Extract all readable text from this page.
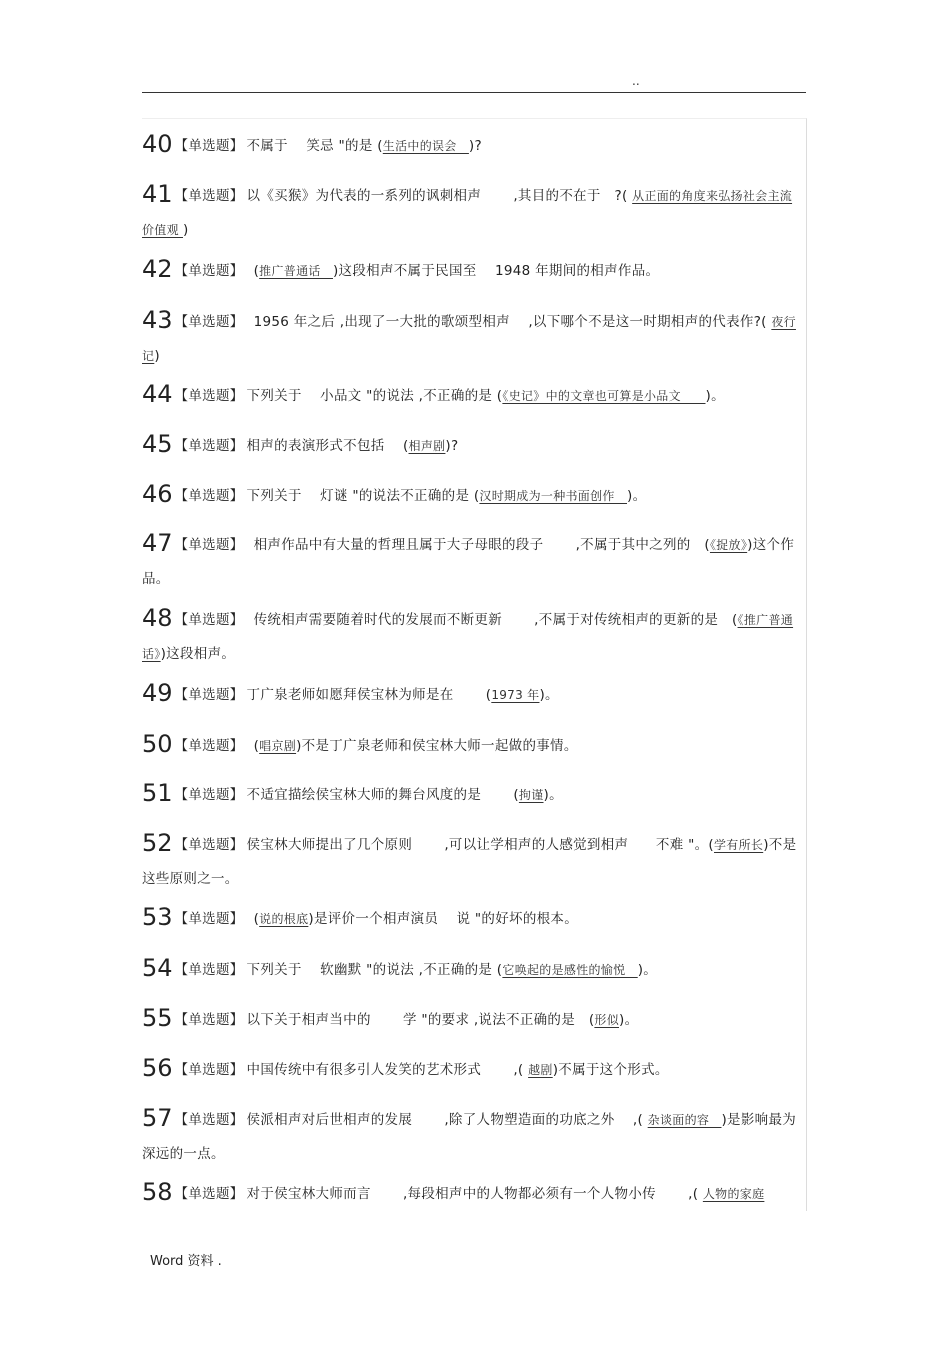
..
40 【单选题】 不属于　 笑忌 "的是 (生活中的误会　)?
41 【单选题】 以《买猴》为代表的一系列的讽刺相声　　 ,其目的不在于　?( 从正面的角度来弘扬社会主流价值观 )
42 【单选题】　(推广普通话　)这段相声不属于民国至　 1948 年期间的相声作品。
43 【单选题】　1956 年之后 ,出现了一大批的歌颂型相声　 ,以下哪个不是这一时期相声的代表作?( 夜行记)
44 【单选题】 下列关于　 小品文 "的说法 ,不正确的是 (《史记》中的文章也可算是小品文　　)。
45 【单选题】 相声的表演形式不包括　 (相声剧)?
46 【单选题】 下列关于　 灯谜 "的说法不正确的是 (汉时期成为一种书面创作　)。
47 【单选题】　相声作品中有大量的哲理且属于大子母眼的段子　　 ,不属于其中之列的　(《捉放》)这个作品。
48 【单选题】　传统相声需要随着时代的发展而不断更新　　 ,不属于对传统相声的更新的是　(《推广普通话》)这段相声。
49 【单选题】 丁广泉老师如愿拜侯宝林为师是在　　 (1973 年)。
50 【单选题】　(唱京剧)不是丁广泉老师和侯宝林大师一起做的事情。
51 【单选题】 不适宜描绘侯宝林大师的舞台风度的是　　 (拘谨)。
52 【单选题】 侯宝林大师提出了几个原则　　 ,可以让学相声的人感觉到相声　　不难 "。(学有所长)不是这些原则之一。
53 【单选题】　(说的根底)是评价一个相声演员　 说 "的好坏的根本。
54 【单选题】 下列关于　 软幽默 "的说法 ,不正确的是 (它唤起的是感性的愉悦　)。
55 【单选题】 以下关于相声当中的　　 学 "的要求 ,说法不正确的是　(形似)。
56 【单选题】 中国传统中有很多引人发笑的艺术形式　　 ,( 越剧)不属于这个形式。
57 【单选题】 侯派相声对后世相声的发展　　 ,除了人物塑造面的功底之外　 ,( 杂谈面的容　)是影响最为深远的一点。
58 【单选题】 对于侯宝林大师而言　　 ,每段相声中的人物都必须有一个人物小传　　 ,( 人物的家庭
Word 资料 .
